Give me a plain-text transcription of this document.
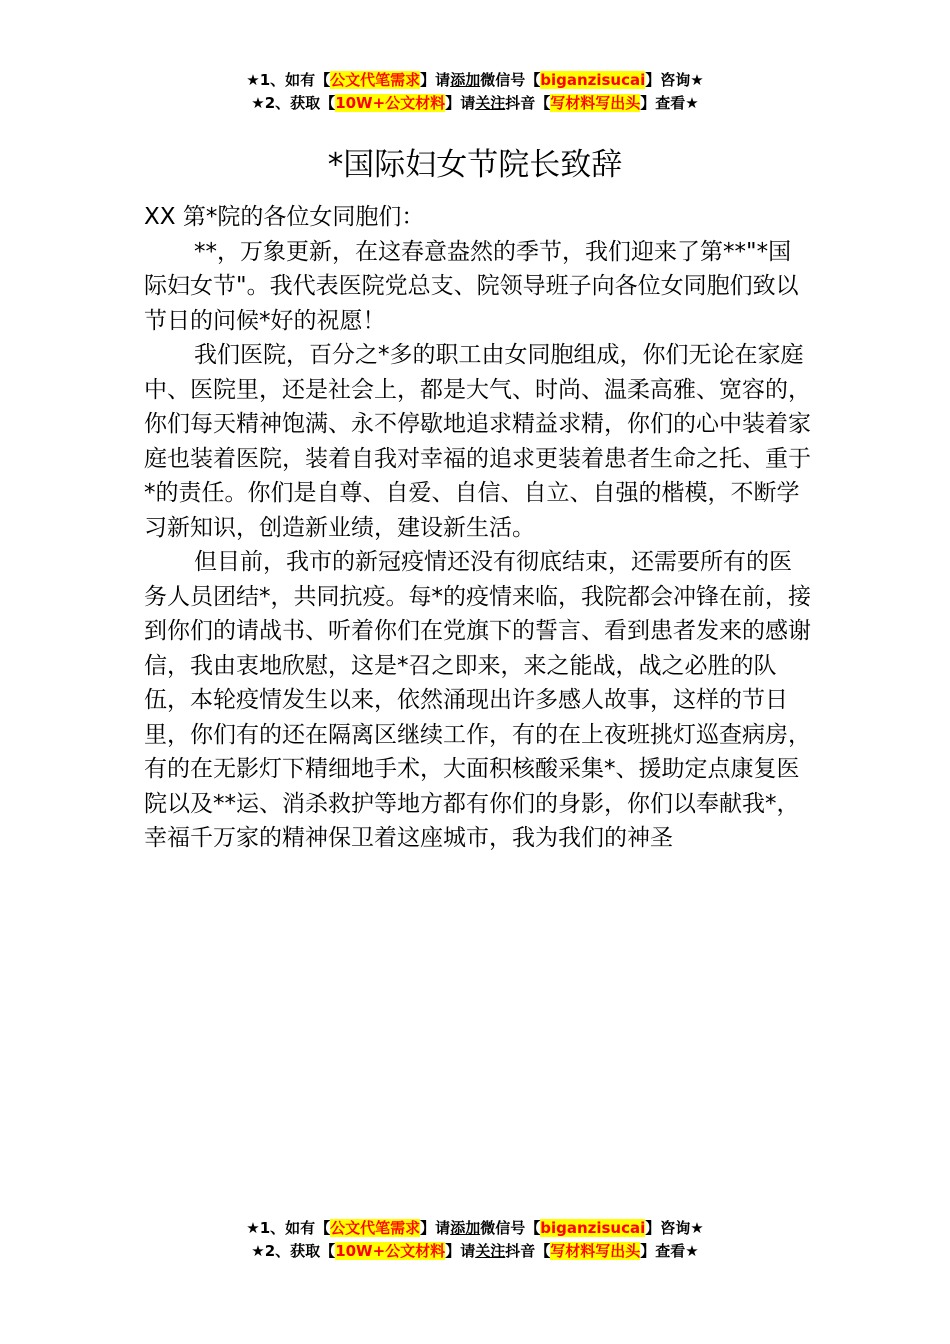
★1、如有【公文代笔需求】请添加微信号【biganzisucai】咨询★
★2、获取【10W+公文材料】请关注抖音【写材料写出头】查看★
*国际妇女节院长致辞

XX 第*院的各位女同胞们：

**，万象更新，在这春意盎然的季节，我们迎来了第**"*国际妇女节"。我代表医院党总支、院领导班子向各位女同胞们致以节日的问候*好的祝愿！

我们医院，百分之*多的职工由女同胞组成，你们无论在家庭中、医院里，还是社会上，都是大气、时尚、温柔高雅、宽容的，你们每天精神饱满、永不停歇地追求精益求精，你们的心中装着家庭也装着医院，装着自我对幸福的追求更装着患者生命之托、重于*的责任。你们是自尊、自爱、自信、自立、自强的楷模，不断学习新知识，创造新业绩，建设新生活。

但目前，我市的新冠疫情还没有彻底结束，还需要所有的医务人员团结*，共同抗疫。每*的疫情来临，我院都会冲锋在前，接到你们的请战书、听着你们在党旗下的誓言、看到患者发来的感谢信，我由衷地欣慰，这是*召之即来，来之能战，战之必胜的队伍，本轮疫情发生以来，依然涌现出许多感人故事，这样的节日里，你们有的还在隔离区继续工作，有的在上夜班挑灯巡查病房，有的在无影灯下精细地手术，大面积核酸采集*、援助定点康复医院以及**运、消杀救护等地方都有你们的身影，你们以奉献我*，幸福千万家的精神保卫着这座城市，我为我们的神圣

★1、如有【公文代笔需求】请添加微信号【biganzisucai】咨询★
★2、获取【10W+公文材料】请关注抖音【写材料写出头】查看★
